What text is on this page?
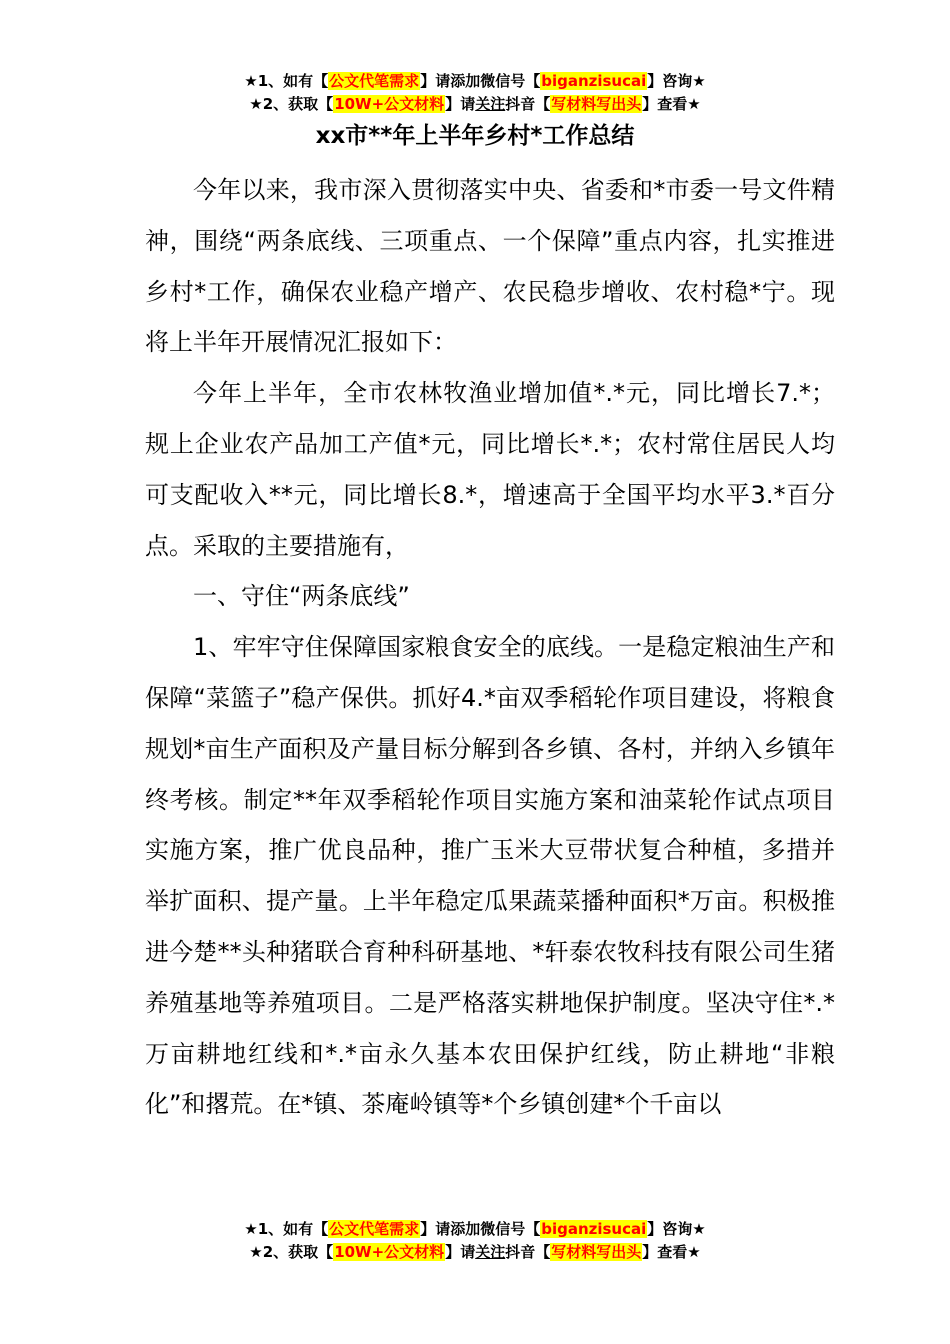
★1、如有【公文代笔需求】请添加微信号【biganzisucai】咨询★
★2、获取【10W+公文材料】请关注抖音【写材料写出头】查看★
xx市**年上半年乡村*工作总结

今年以来，我市深入贯彻落实中央、省委和*市委一号文件精神，围绕“两条底线、三项重点、一个保障”重点内容，扎实推进乡村*工作，确保农业稳产增产、农民稳步增收、农村稳*宁。现将上半年开展情况汇报如下：

今年上半年，全市农林牧渔业增加值*.*元，同比增长7.*；规上企业农产品加工产值*元，同比增长*.*；农村常住居民人均可支配收入**元，同比增长8.*，增速高于全国平均水平3.*百分点。采取的主要措施有，

一、守住“两条底线”

1、牢牢守住保障国家粮食安全的底线。一是稳定粮油生产和保障“菜篮子”稳产保供。抓好4.*亩双季稻轮作项目建设，将粮食规划*亩生产面积及产量目标分解到各乡镇、各村，并纳入乡镇年终考核。制定**年双季稻轮作项目实施方案和油菜轮作试点项目实施方案，推广优良品种，推广玉米大豆带状复合种植，多措并举扩面积、提产量。上半年稳定瓜果蔬菜播种面积*万亩。积极推进今楚**头种猪联合育种科研基地、*轩泰农牧科技有限公司生猪养殖基地等养殖项目。二是严格落实耕地保护制度。坚决守住*.*万亩耕地红线和*.*亩永久基本农田保护红线，防止耕地“非粮化”和撂荒。在*镇、茶庵岭镇等*个乡镇创建*个千亩以

★1、如有【公文代笔需求】请添加微信号【biganzisucai】咨询★
★2、获取【10W+公文材料】请关注抖音【写材料写出头】查看★
